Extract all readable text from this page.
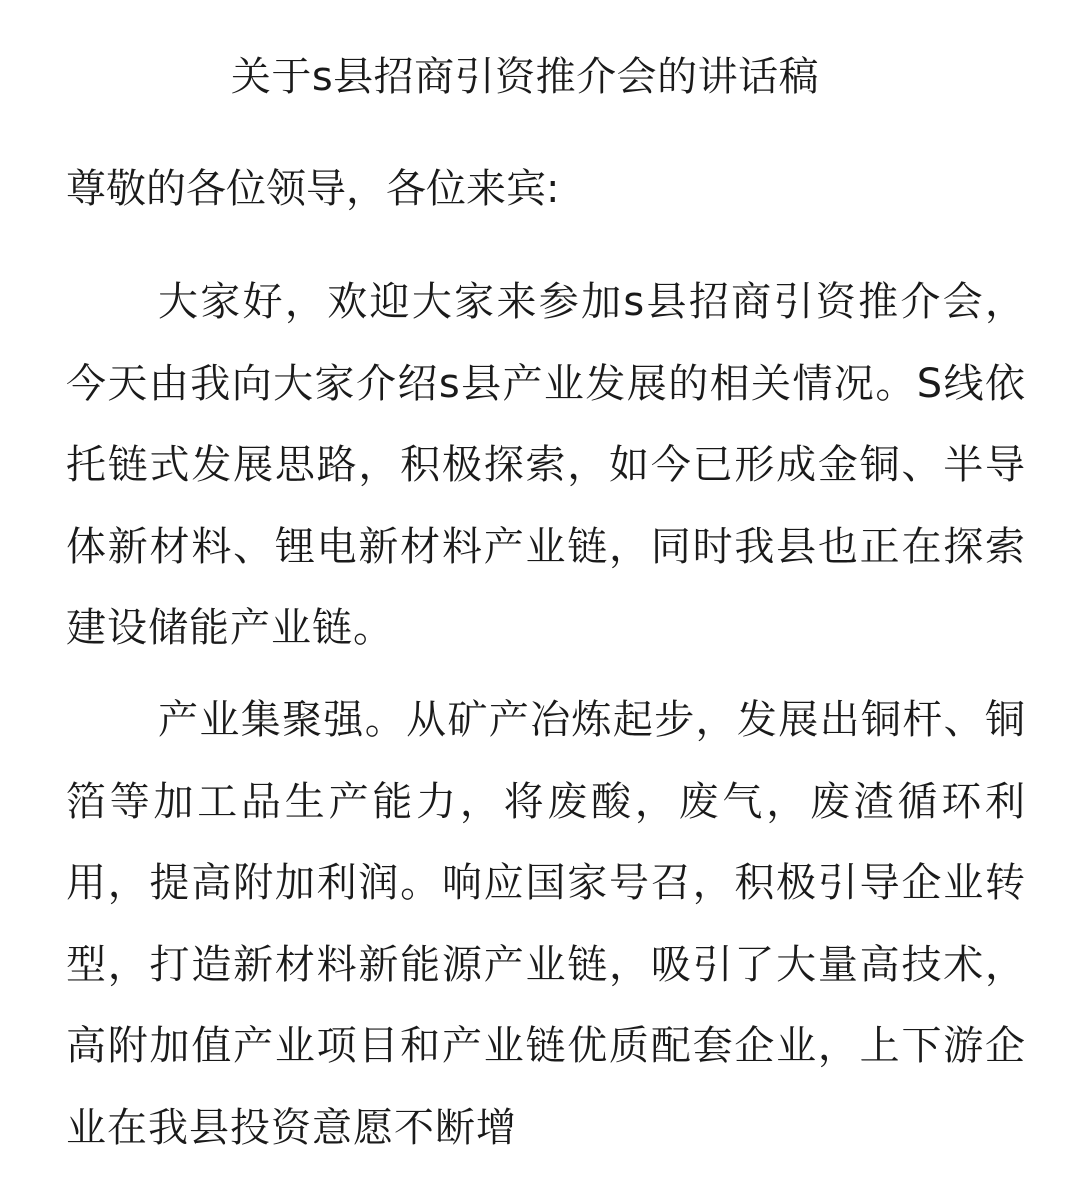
关于s县招商引资推介会的讲话稿

尊敬的各位领导，各位来宾:

大家好，欢迎大家来参加s县招商引资推介会，今天由我向大家介绍s县产业发展的相关情况。S线依托链式发展思路，积极探索，如今已形成金铜、半导体新材料、锂电新材料产业链，同时我县也正在探索建设储能产业链。

产业集聚强。从矿产冶炼起步，发展出铜杆、铜箔等加工品生产能力，将废酸，废气，废渣循环利用，提高附加利润。响应国家号召，积极引导企业转型，打造新材料新能源产业链，吸引了大量高技术，高附加值产业项目和产业链优质配套企业，上下游企业在我县投资意愿不断增
